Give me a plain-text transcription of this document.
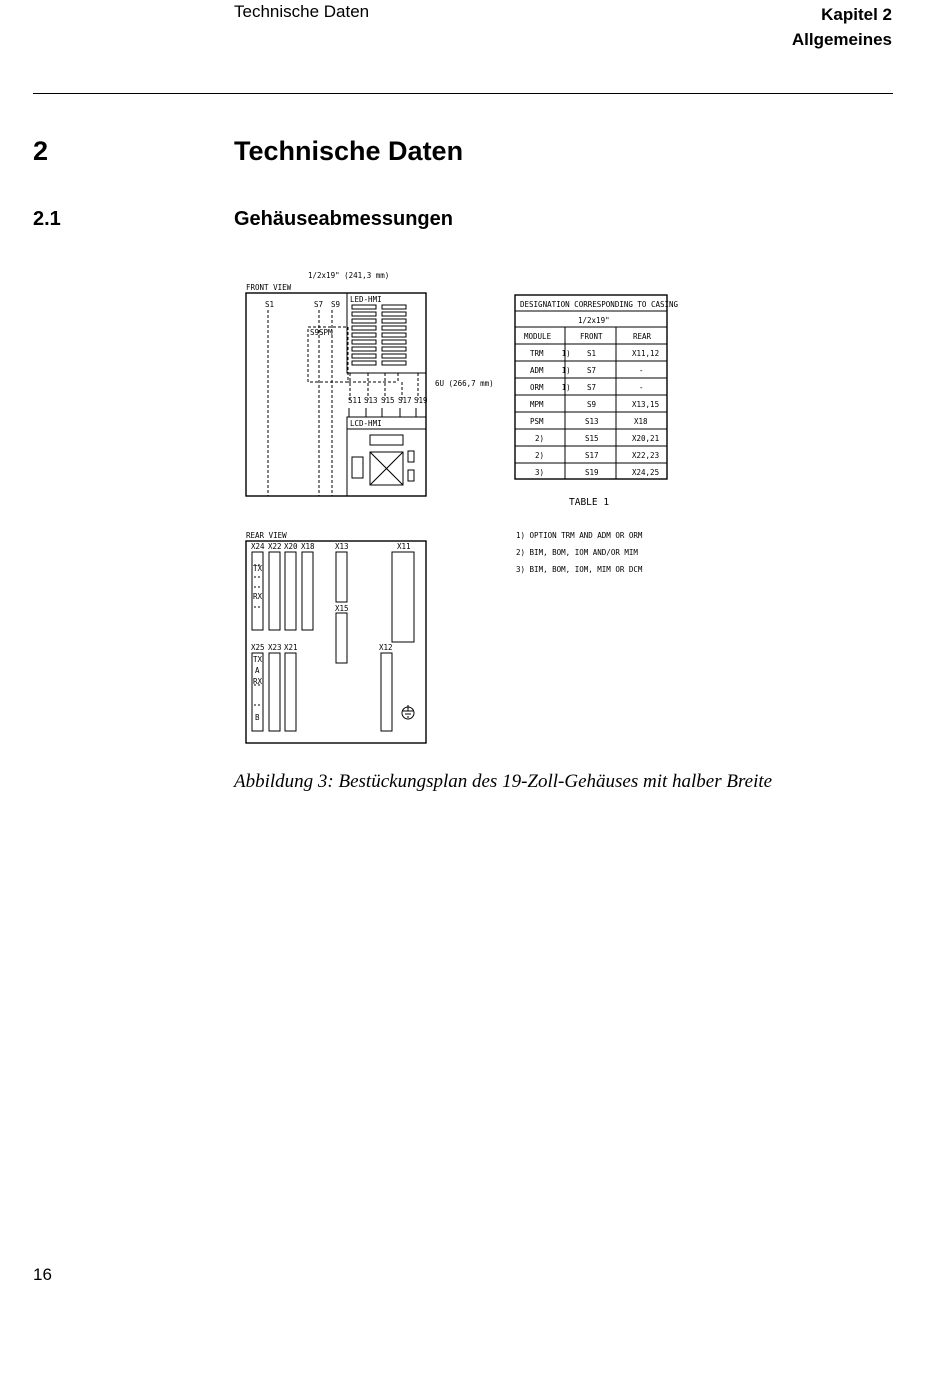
Technische Daten	Kapitel 2
Allgemeines
2	Technische Daten
2.1	Gehäuseabmessungen
1/2x19" (241,3 mm)
FRONT VIEW
S1	S7 S9
LED-HMI
S9SPM
S11 S13 S15 S17 S19
LCD-HMI
6U (266,7 mm)
DESIGNATION CORRESPONDING TO CASING
1/2x19"
MODULE	FRONT	REAR
TRM    1) S1	X11,12
ADM    1) S7	-
ORM    1) S7	-
MPM	S9	X13,15
PSM	S13	X18
2)	S15	X20,21
2)	S17	X22,23
3)	S19	X24,25
TABLE 1
1) OPTION TRM AND ADM OR ORM
2) BIM, BOM, IOM AND/OR MIM
3) BIM, BOM, IOM, MIM OR DCM
REAR VIEW
X24 X22 X20 X18	X13	X11
TX
RX
X15
X25 X23 X21	X12
TX
A
RX
B
Abbildung 3: Bestückungsplan des 19-Zoll-Gehäuses mit halber Breite
16
